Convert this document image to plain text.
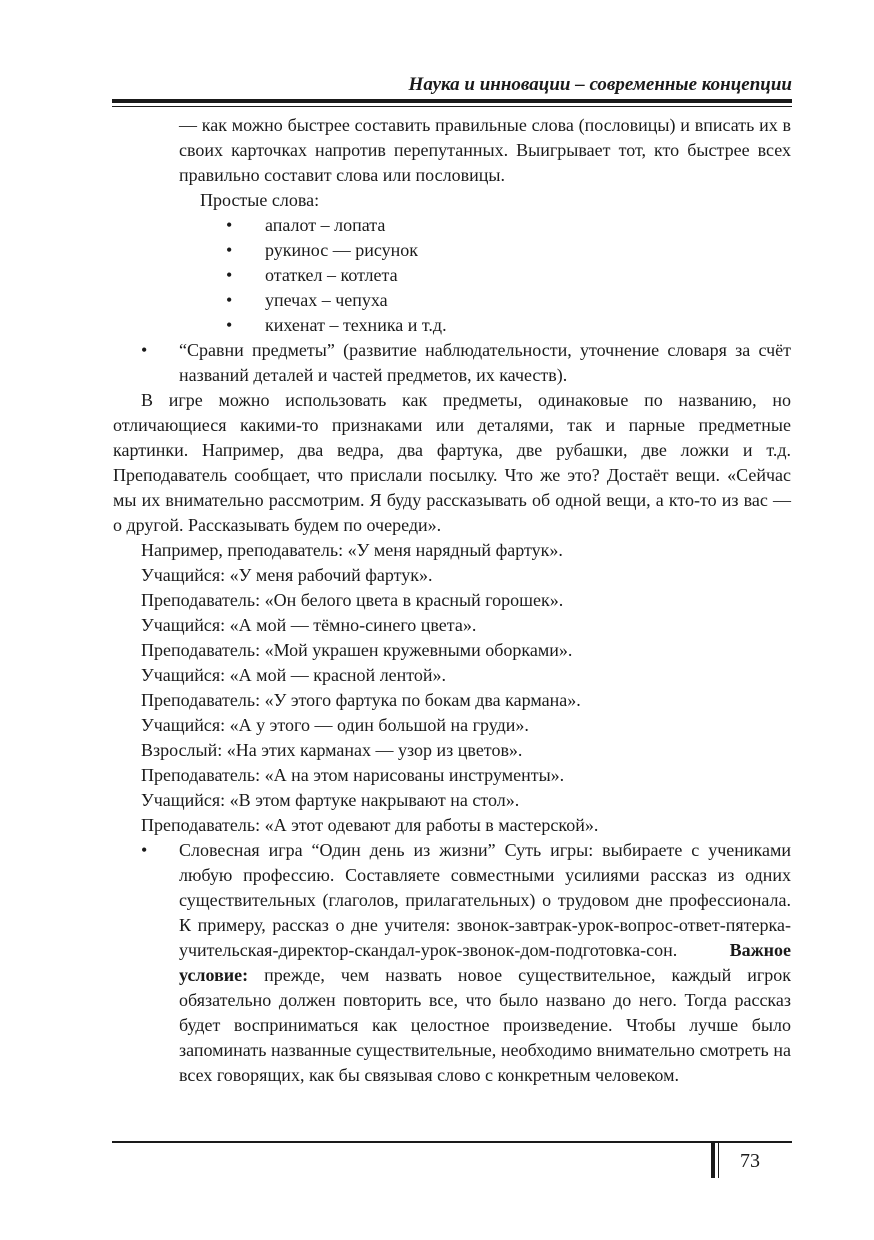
Наука и инновации – современные концепции

— как можно быстрее составить правильные слова (пословицы) и вписать их в своих карточках напротив перепутанных. Выигрывает тот, кто быстрее всех правильно составит слова или пословицы.

Простые слова:

• апалот – лопата

• рукинос — рисунок

• отаткел – котлета

• упечах – чепуха

• кихенат – техника и т.д.

• “Сравни предметы” (развитие наблюдательности, уточнение словаря за счёт названий деталей и частей предметов, их качеств).

В игре можно использовать как предметы, одинаковые по названию, но отличающиеся какими-то признаками или деталями, так и парные предметные картинки. Например, два ведра, два фартука, две рубашки, две ложки и т.д. Преподаватель сообщает, что прислали посылку. Что же это? Достаёт вещи. «Сейчас мы их внимательно рассмотрим. Я буду рассказывать об одной вещи, а кто-то из вас — о другой. Рассказывать будем по очереди».

Например, преподаватель: «У меня нарядный фартук».

Учащийся: «У меня рабочий фартук».

Преподаватель: «Он белого цвета в красный горошек».

Учащийся: «А мой — тёмно-синего цвета».

Преподаватель: «Мой украшен кружевными оборками».

Учащийся: «А мой — красной лентой».

Преподаватель: «У этого фартука по бокам два кармана».

Учащийся: «А у этого — один большой на груди».

Взрослый: «На этих карманах — узор из цветов».

Преподаватель: «А на этом нарисованы инструменты».

Учащийся: «В этом фартуке накрывают на стол».

Преподаватель: «А этот одевают для работы в мастерской».

• Словесная игра “Один день из жизни” Суть игры: выбираете с учениками любую профессию. Составляете совместными усилиями рассказ из одних существительных (глаголов, прилагательных) о трудовом дне профессионала. К примеру, рассказ о дне учителя: звонок-завтрак-урок-вопрос-ответ-пятерка-учительская-директор-скандал-урок-звонок-дом-подготовка-сон.	Важное условие: прежде, чем назвать новое существительное, каждый игрок обязательно должен повторить все, что было названо до него. Тогда рассказ будет восприниматься как целостное произведение. Чтобы лучше было запоминать названные существительные, необходимо внимательно смотреть на всех говорящих, как бы связывая слово с конкретным человеком.

73
